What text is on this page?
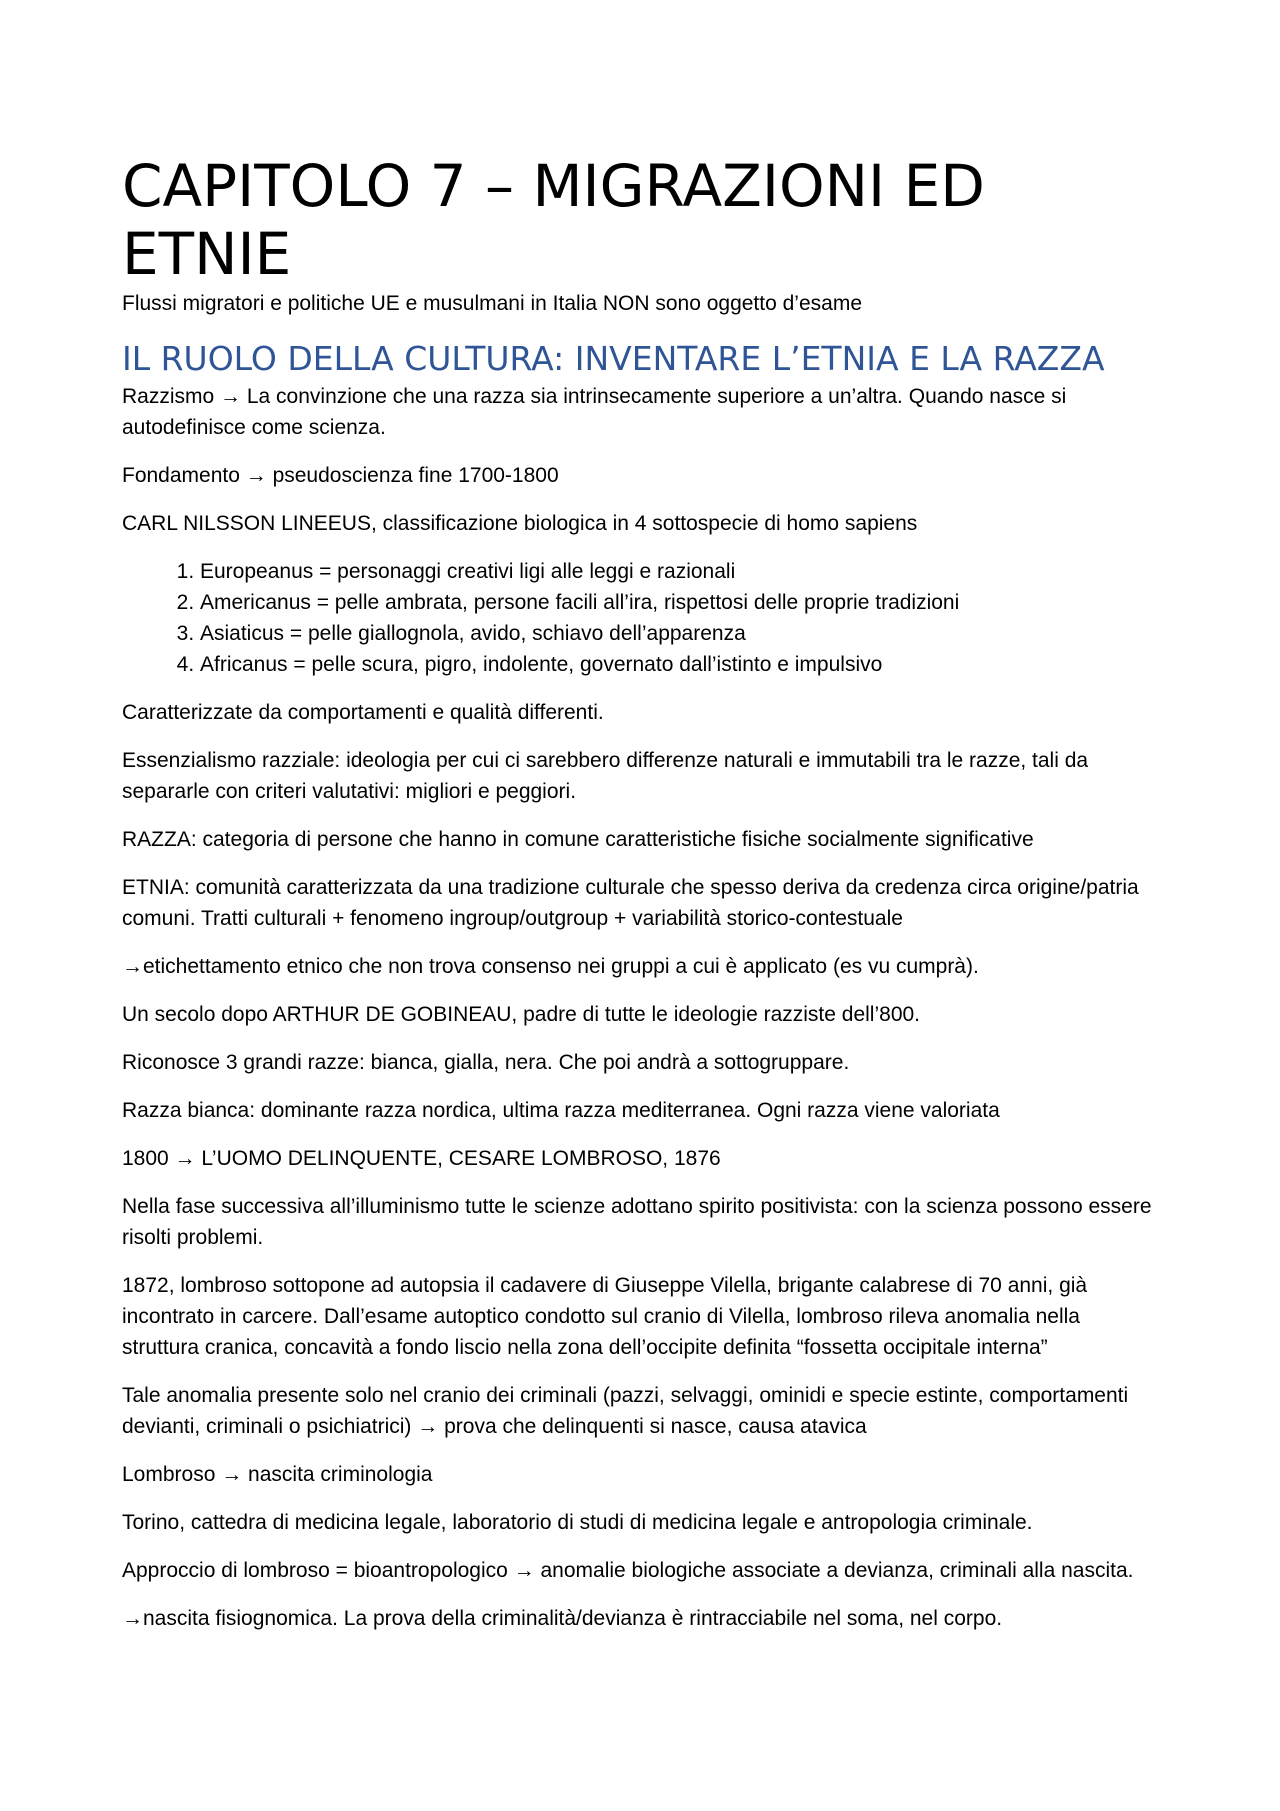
CAPITOLO 7 – MIGRAZIONI ED ETNIE

Flussi migratori e politiche UE e musulmani in Italia NON sono oggetto d’esame

IL RUOLO DELLA CULTURA: INVENTARE L’ETNIA E LA RAZZA

Razzismo → La convinzione che una razza sia intrinsecamente superiore a un’altra. Quando nasce si autodefinisce come scienza.

Fondamento → pseudoscienza fine 1700-1800

CARL NILSSON LINEEUS, classificazione biologica in 4 sottospecie di homo sapiens

1. Europeanus = personaggi creativi ligi alle leggi e razionali
2. Americanus = pelle ambrata, persone facili all’ira, rispettosi delle proprie tradizioni
3. Asiaticus = pelle giallognola, avido, schiavo dell’apparenza
4. Africanus = pelle scura, pigro, indolente, governato dall’istinto e impulsivo

Caratterizzate da comportamenti e qualità differenti.

Essenzialismo razziale: ideologia per cui ci sarebbero differenze naturali e immutabili tra le razze, tali da separarle con criteri valutativi: migliori e peggiori.

RAZZA: categoria di persone che hanno in comune caratteristiche fisiche socialmente significative

ETNIA: comunità caratterizzata da una tradizione culturale che spesso deriva da credenza circa origine/patria comuni. Tratti culturali + fenomeno ingroup/outgroup + variabilità storico-contestuale

→etichettamento etnico che non trova consenso nei gruppi a cui è applicato (es vu cumprà).

Un secolo dopo ARTHUR DE GOBINEAU, padre di tutte le ideologie razziste dell’800.

Riconosce 3 grandi razze: bianca, gialla, nera. Che poi andrà a sottogruppare.

Razza bianca: dominante razza nordica, ultima razza mediterranea. Ogni razza viene valoriata

1800 → L’UOMO DELINQUENTE, CESARE LOMBROSO, 1876

Nella fase successiva all’illuminismo tutte le scienze adottano spirito positivista: con la scienza possono essere risolti problemi.

1872, lombroso sottopone ad autopsia il cadavere di Giuseppe Vilella, brigante calabrese di 70 anni, già incontrato in carcere. Dall’esame autoptico condotto sul cranio di Vilella, lombroso rileva anomalia nella struttura cranica, concavità a fondo liscio nella zona dell’occipite definita “fossetta occipitale interna”

Tale anomalia presente solo nel cranio dei criminali (pazzi, selvaggi, ominidi e specie estinte, comportamenti devianti, criminali o psichiatrici) → prova che delinquenti si nasce, causa atavica

Lombroso → nascita criminologia

Torino, cattedra di medicina legale, laboratorio di studi di medicina legale e antropologia criminale.

Approccio di lombroso = bioantropologico → anomalie biologiche associate a devianza, criminali alla nascita.

→nascita fisiognomica. La prova della criminalità/devianza è rintracciabile nel soma, nel corpo.
